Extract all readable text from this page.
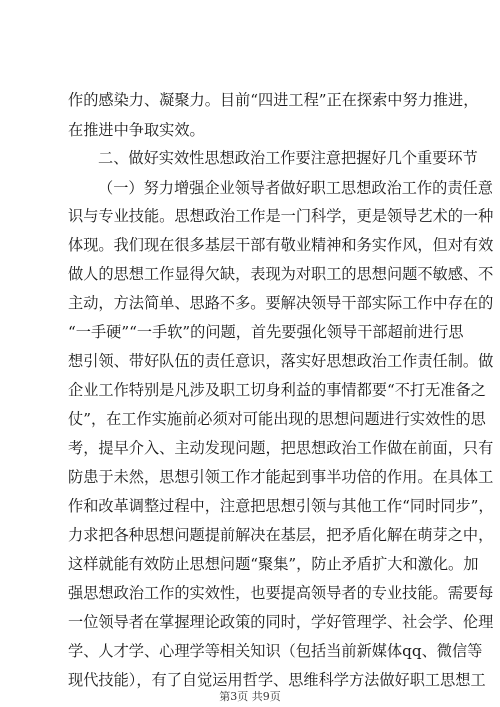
作的感染力、凝聚力。目前“四进工程”正在探索中努力推进，
在推进中争取实效。
二、做好实效性思想政治工作要注意把握好几个重要环节
（一）努力增强企业领导者做好职工思想政治工作的责任意
识与专业技能。思想政治工作是一门科学，更是领导艺术的一种
体现。我们现在很多基层干部有敬业精神和务实作风，但对有效
做人的思想工作显得欠缺，表现为对职工的思想问题不敏感、不
主动，方法简单、思路不多。要解决领导干部实际工作中存在的
“一手硬”“一手软”的问题，首先要强化领导干部超前进行思
想引领、带好队伍的责任意识，落实好思想政治工作责任制。做
企业工作特别是凡涉及职工切身利益的事情都要“不打无准备之
仗”，在工作实施前必须对可能出现的思想问题进行实效性的思
考，提早介入、主动发现问题，把思想政治工作做在前面，只有
防患于未然，思想引领工作才能起到事半功倍的作用。在具体工
作和改革调整过程中，注意把思想引领与其他工作“同时同步”，
力求把各种思想问题提前解决在基层，把矛盾化解在萌芽之中，
这样就能有效防止思想问题“聚集”，防止矛盾扩大和激化。加
强思想政治工作的实效性，也要提高领导者的专业技能。需要每
一位领导者在掌握理论政策的同时，学好管理学、社会学、伦理
学、人才学、心理学等相关知识（包括当前新媒体qq、微信等
现代技能），有了自觉运用哲学、思维科学方法做好职工思想工
第3页 共9页
